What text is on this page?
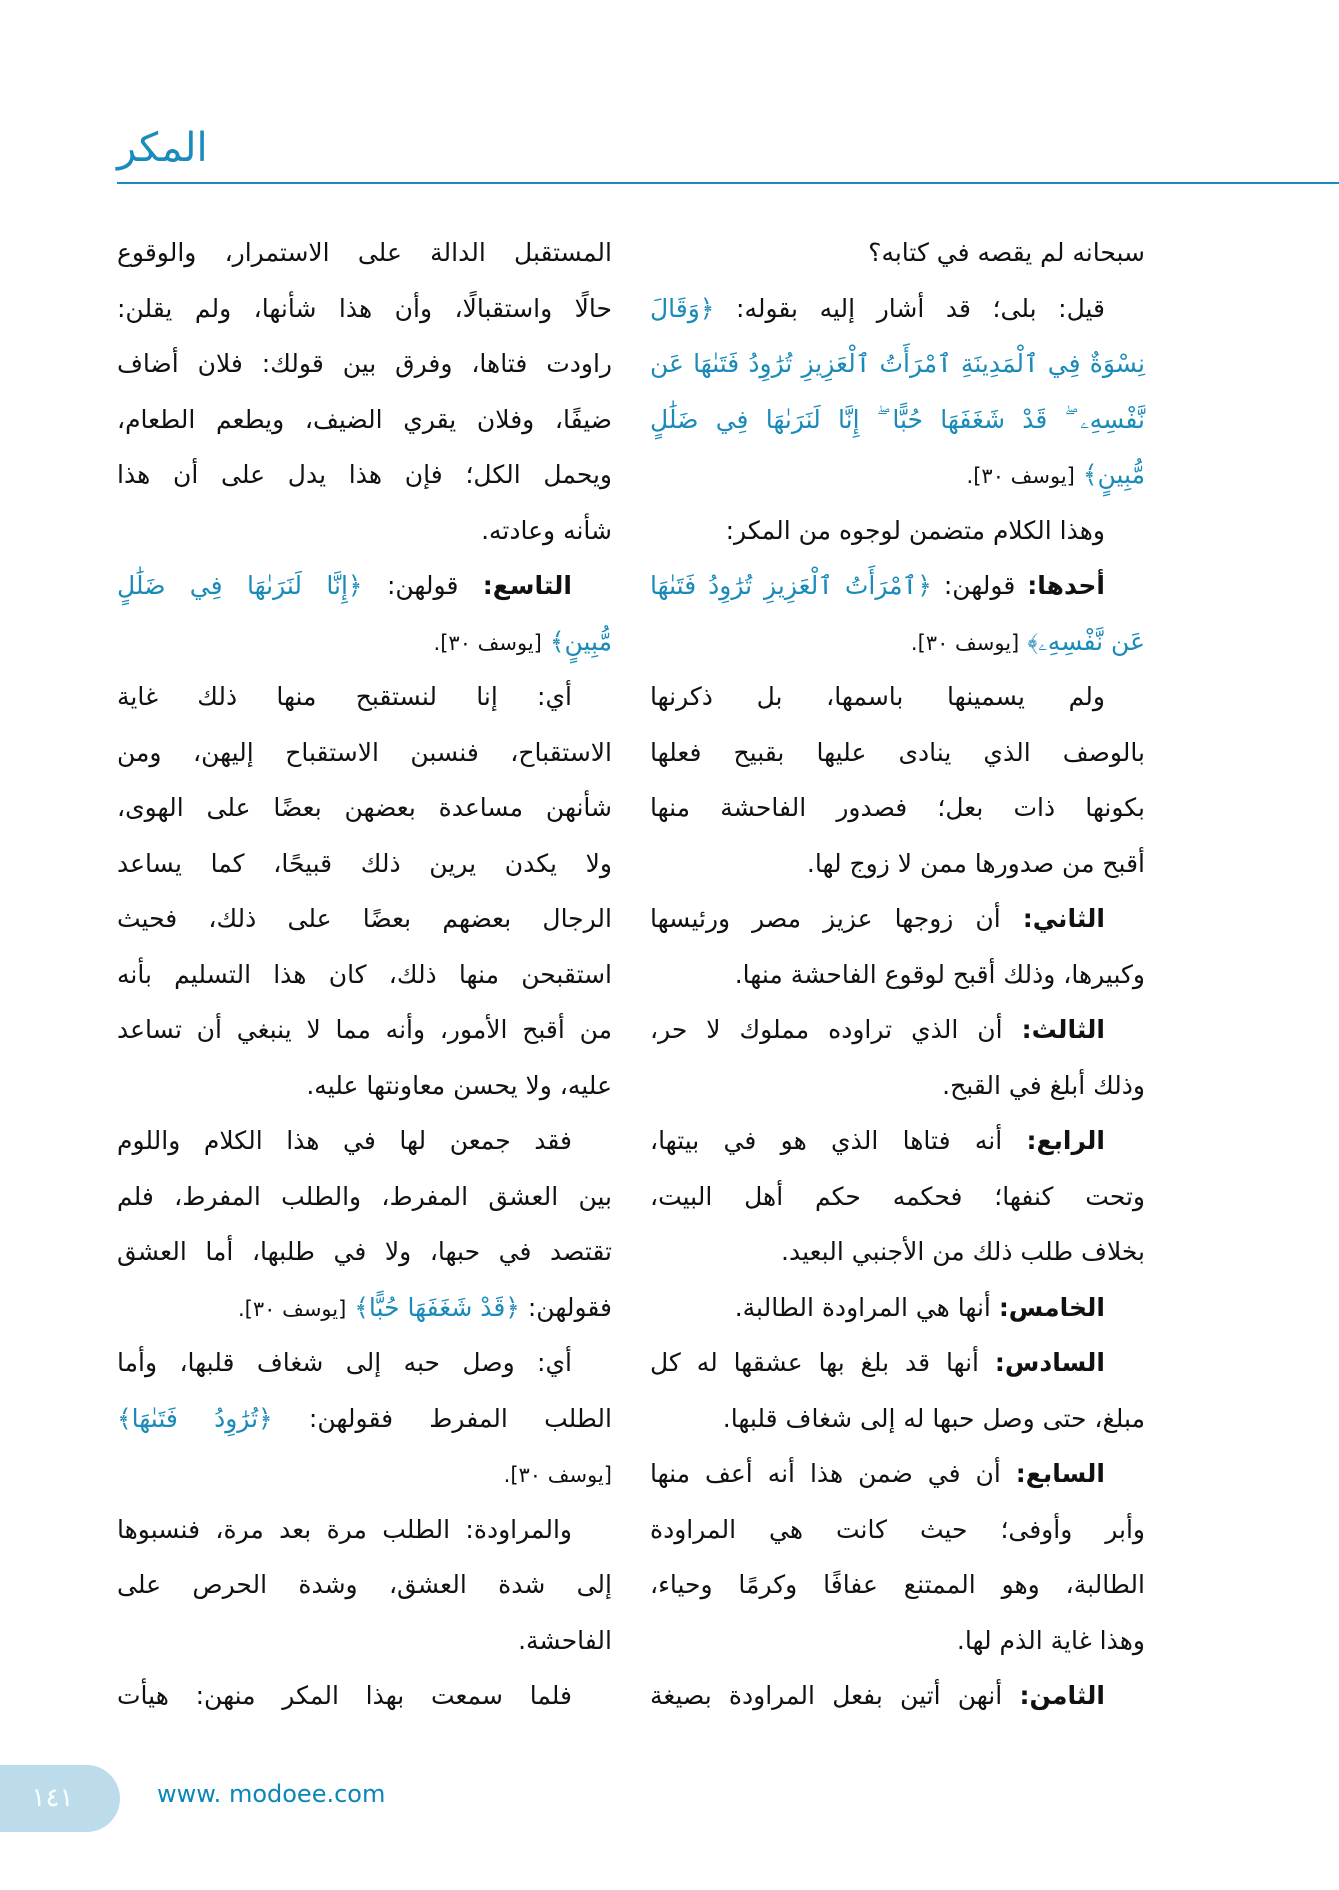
المكر
سبحانه لم يقصه في كتابه؟
قيل: بلى؛ قد أشار إليه بقوله: ﴿وَقَالَ
نِسْوَةٌ فِي ٱلْمَدِينَةِ ٱمْرَأَتُ ٱلْعَزِيزِ تُرَٰوِدُ فَتَىٰهَا عَن
نَّفْسِهِۦ ۖ قَدْ شَغَفَهَا حُبًّا ۖ إِنَّا لَنَرَىٰهَا فِي ضَلَٰلٍ
مُّبِينٍ﴾ [يوسف ٣٠].
وهذا الكلام متضمن لوجوه من المكر:
أحدها: قولهن: ﴿ٱمْرَأَتُ ٱلْعَزِيزِ تُرَٰوِدُ فَتَىٰهَا
عَن نَّفْسِهِۦ﴾ [يوسف ٣٠].
ولم يسمينها باسمها، بل ذكرنها
بالوصف الذي ينادى عليها بقبيح فعلها
بكونها ذات بعل؛ فصدور الفاحشة منها
أقبح من صدورها ممن لا زوج لها.
الثاني: أن زوجها عزيز مصر ورئيسها
وكبيرها، وذلك أقبح لوقوع الفاحشة منها.
الثالث: أن الذي تراوده مملوك لا حر،
وذلك أبلغ في القبح.
الرابع: أنه فتاها الذي هو في بيتها،
وتحت كنفها؛ فحكمه حكم أهل البيت،
بخلاف طلب ذلك من الأجنبي البعيد.
الخامس: أنها هي المراودة الطالبة.
السادس: أنها قد بلغ بها عشقها له كل
مبلغ، حتى وصل حبها له إلى شغاف قلبها.
السابع: أن في ضمن هذا أنه أعف منها
وأبر وأوفى؛ حيث كانت هي المراودة
الطالبة، وهو الممتنع عفافًا وكرمًا وحياء،
وهذا غاية الذم لها.
الثامن: أنهن أتين بفعل المراودة بصيغة
المستقبل الدالة على الاستمرار، والوقوع
حالًا واستقبالًا، وأن هذا شأنها، ولم يقلن:
راودت فتاها، وفرق بين قولك: فلان أضاف
ضيفًا، وفلان يقري الضيف، ويطعم الطعام،
ويحمل الكل؛ فإن هذا يدل على أن هذا
شأنه وعادته.
التاسع: قولهن: ﴿إِنَّا لَنَرَىٰهَا فِي ضَلَٰلٍ
مُّبِينٍ﴾ [يوسف ٣٠].
أي: إنا لنستقبح منها ذلك غاية
الاستقباح، فنسبن الاستقباح إليهن، ومن
شأنهن مساعدة بعضهن بعضًا على الهوى،
ولا يكدن يرين ذلك قبيحًا، كما يساعد
الرجال بعضهم بعضًا على ذلك، فحيث
استقبحن منها ذلك، كان هذا التسليم بأنه
من أقبح الأمور، وأنه مما لا ينبغي أن تساعد
عليه، ولا يحسن معاونتها عليه.
فقد جمعن لها في هذا الكلام واللوم
بين العشق المفرط، والطلب المفرط، فلم
تقتصد في حبها، ولا في طلبها، أما العشق
فقولهن: ﴿قَدْ شَغَفَهَا حُبًّا﴾ [يوسف ٣٠].
أي: وصل حبه إلى شغاف قلبها، وأما
الطلب المفرط فقولهن: ﴿تُرَٰوِدُ فَتَىٰهَا﴾
[يوسف ٣٠].
والمراودة: الطلب مرة بعد مرة، فنسبوها
إلى شدة العشق، وشدة الحرص على
الفاحشة.
فلما سمعت بهذا المكر منهن: هيأت
١٤١	www. modoee.com
